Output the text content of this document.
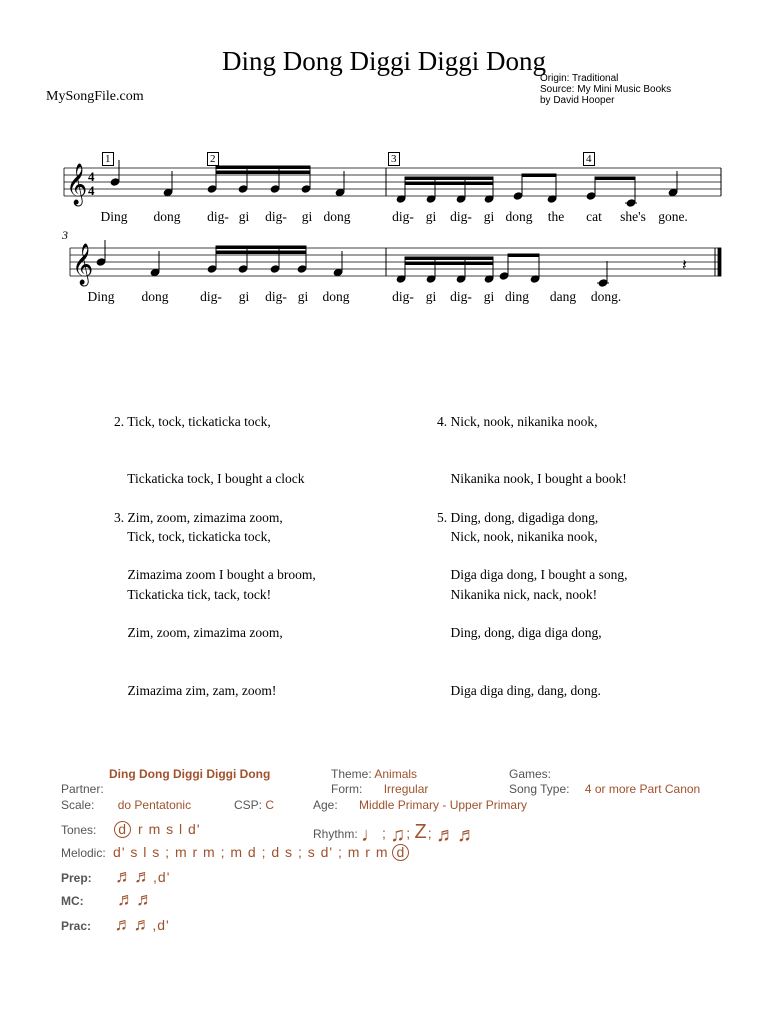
Ding Dong Diggi Diggi Dong
MySongFile.com
Origin: Traditional
Source: My Mini Music Books
by David Hooper
𝄞 4
4
1	2	3	4
Ding dong dig- gi dig- gi dong	dig- gi dig- gi dong the cat she's gone.
3
𝄞	𝄽
Ding dong dig- gi dig- gi dong	dig- gi dig- gi ding dang dong.

2. Tick, tock, tickaticka tock,

Tickaticka tock, I bought a clock

Tick, tock, tickaticka tock,

Tickaticka tick, tack, tock!

3. Zim, zoom, zimazima zoom,

Zimazima zoom I bought a broom,

Zim, zoom, zimazima zoom,

Zimazima zim, zam, zoom!

4. Nick, nook, nikanika nook,

Nikanika nook, I bought a book!

Nick, nook, nikanika nook,

Nikanika nick, nack, nook!

5. Ding, dong, digadiga dong,

Diga diga dong, I bought a song,

Ding, dong, diga diga dong,

Diga diga ding, dang, dong.

Ding Dong Diggi Diggi Dong	Theme: Animals	Games:
Partner:	Form: Irregular	Song Type: 4 or more Part Canon
Scale: do Pentatonic	CSP: C	Age: Middle Primary - Upper Primary
Tones: d r m s l d'	Rhythm: ♩; ♫; Z; ♬♬
Melodic: d' s l s ; m r m ; m d ; d s ; s d' ; m r m d
Prep: ♬♬,d'
MC: ♬♬
Prac: ♬♬,d'
